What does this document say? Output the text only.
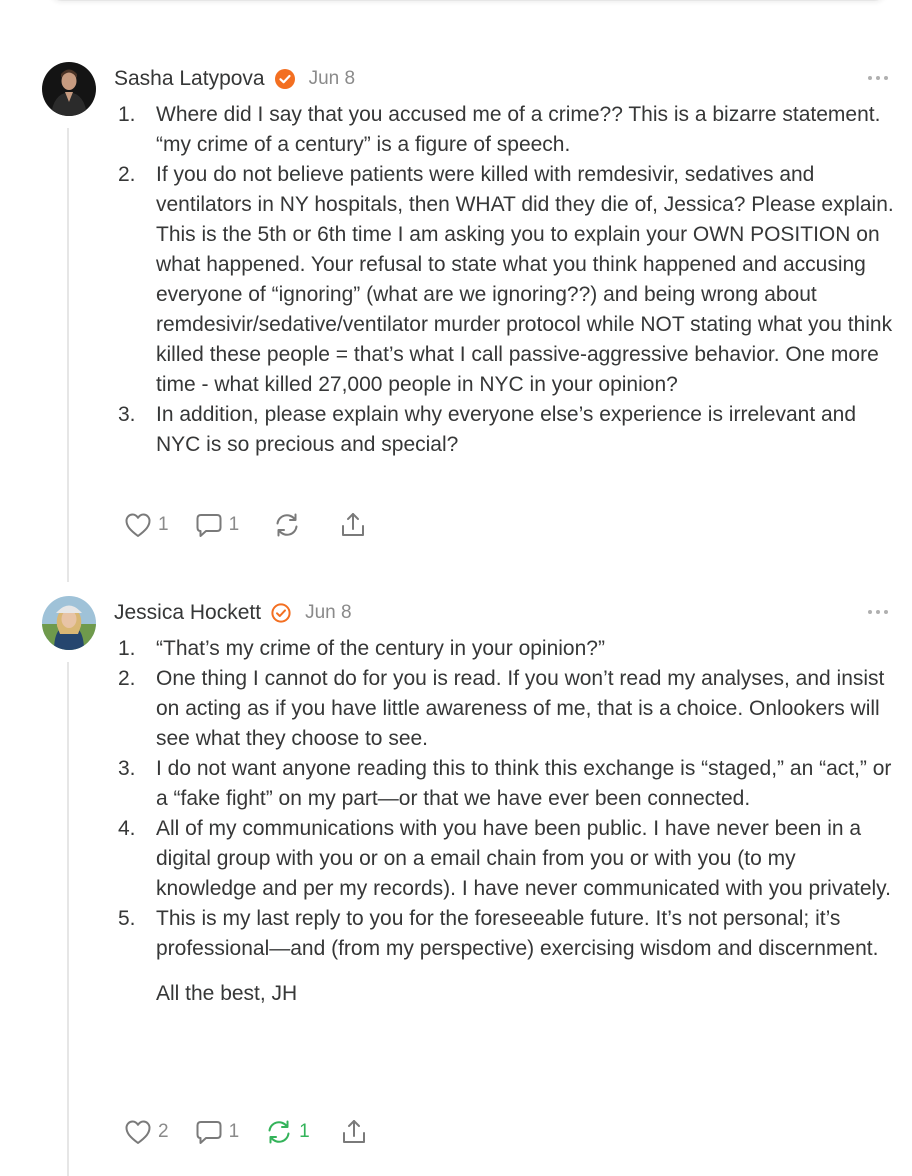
Sasha Latypova Jun 8
1. Where did I say that you accused me of a crime?? This is a bizarre statement. “my crime of a century” is a figure of speech.
2. If you do not believe patients were killed with remdesivir, sedatives and ventilators in NY hospitals, then WHAT did they die of, Jessica? Please explain. This is the 5th or 6th time I am asking you to explain your OWN POSITION on what happened. Your refusal to state what you think happened and accusing everyone of “ignoring” (what are we ignoring??) and being wrong about remdesivir/sedative/ventilator murder protocol while NOT stating what you think killed these people = that’s what I call passive-aggressive behavior. One more time - what killed 27,000 people in NYC in your opinion?
3. In addition, please explain why everyone else’s experience is irrelevant and NYC is so precious and special?
1	1
Jessica Hockett Jun 8
1. “That’s my crime of the century in your opinion?”
2. One thing I cannot do for you is read. If you won’t read my analyses, and insist on acting as if you have little awareness of me, that is a choice. Onlookers will see what they choose to see.
3. I do not want anyone reading this to think this exchange is “staged,” an “act,” or a “fake fight” on my part—or that we have ever been connected.
4. All of my communications with you have been public. I have never been in a digital group with you or on a email chain from you or with you (to my knowledge and per my records). I have never communicated with you privately.
5. This is my last reply to you for the foreseeable future. It’s not personal; it’s professional—and (from my perspective) exercising wisdom and discernment.
All the best, JH
2	1	1
